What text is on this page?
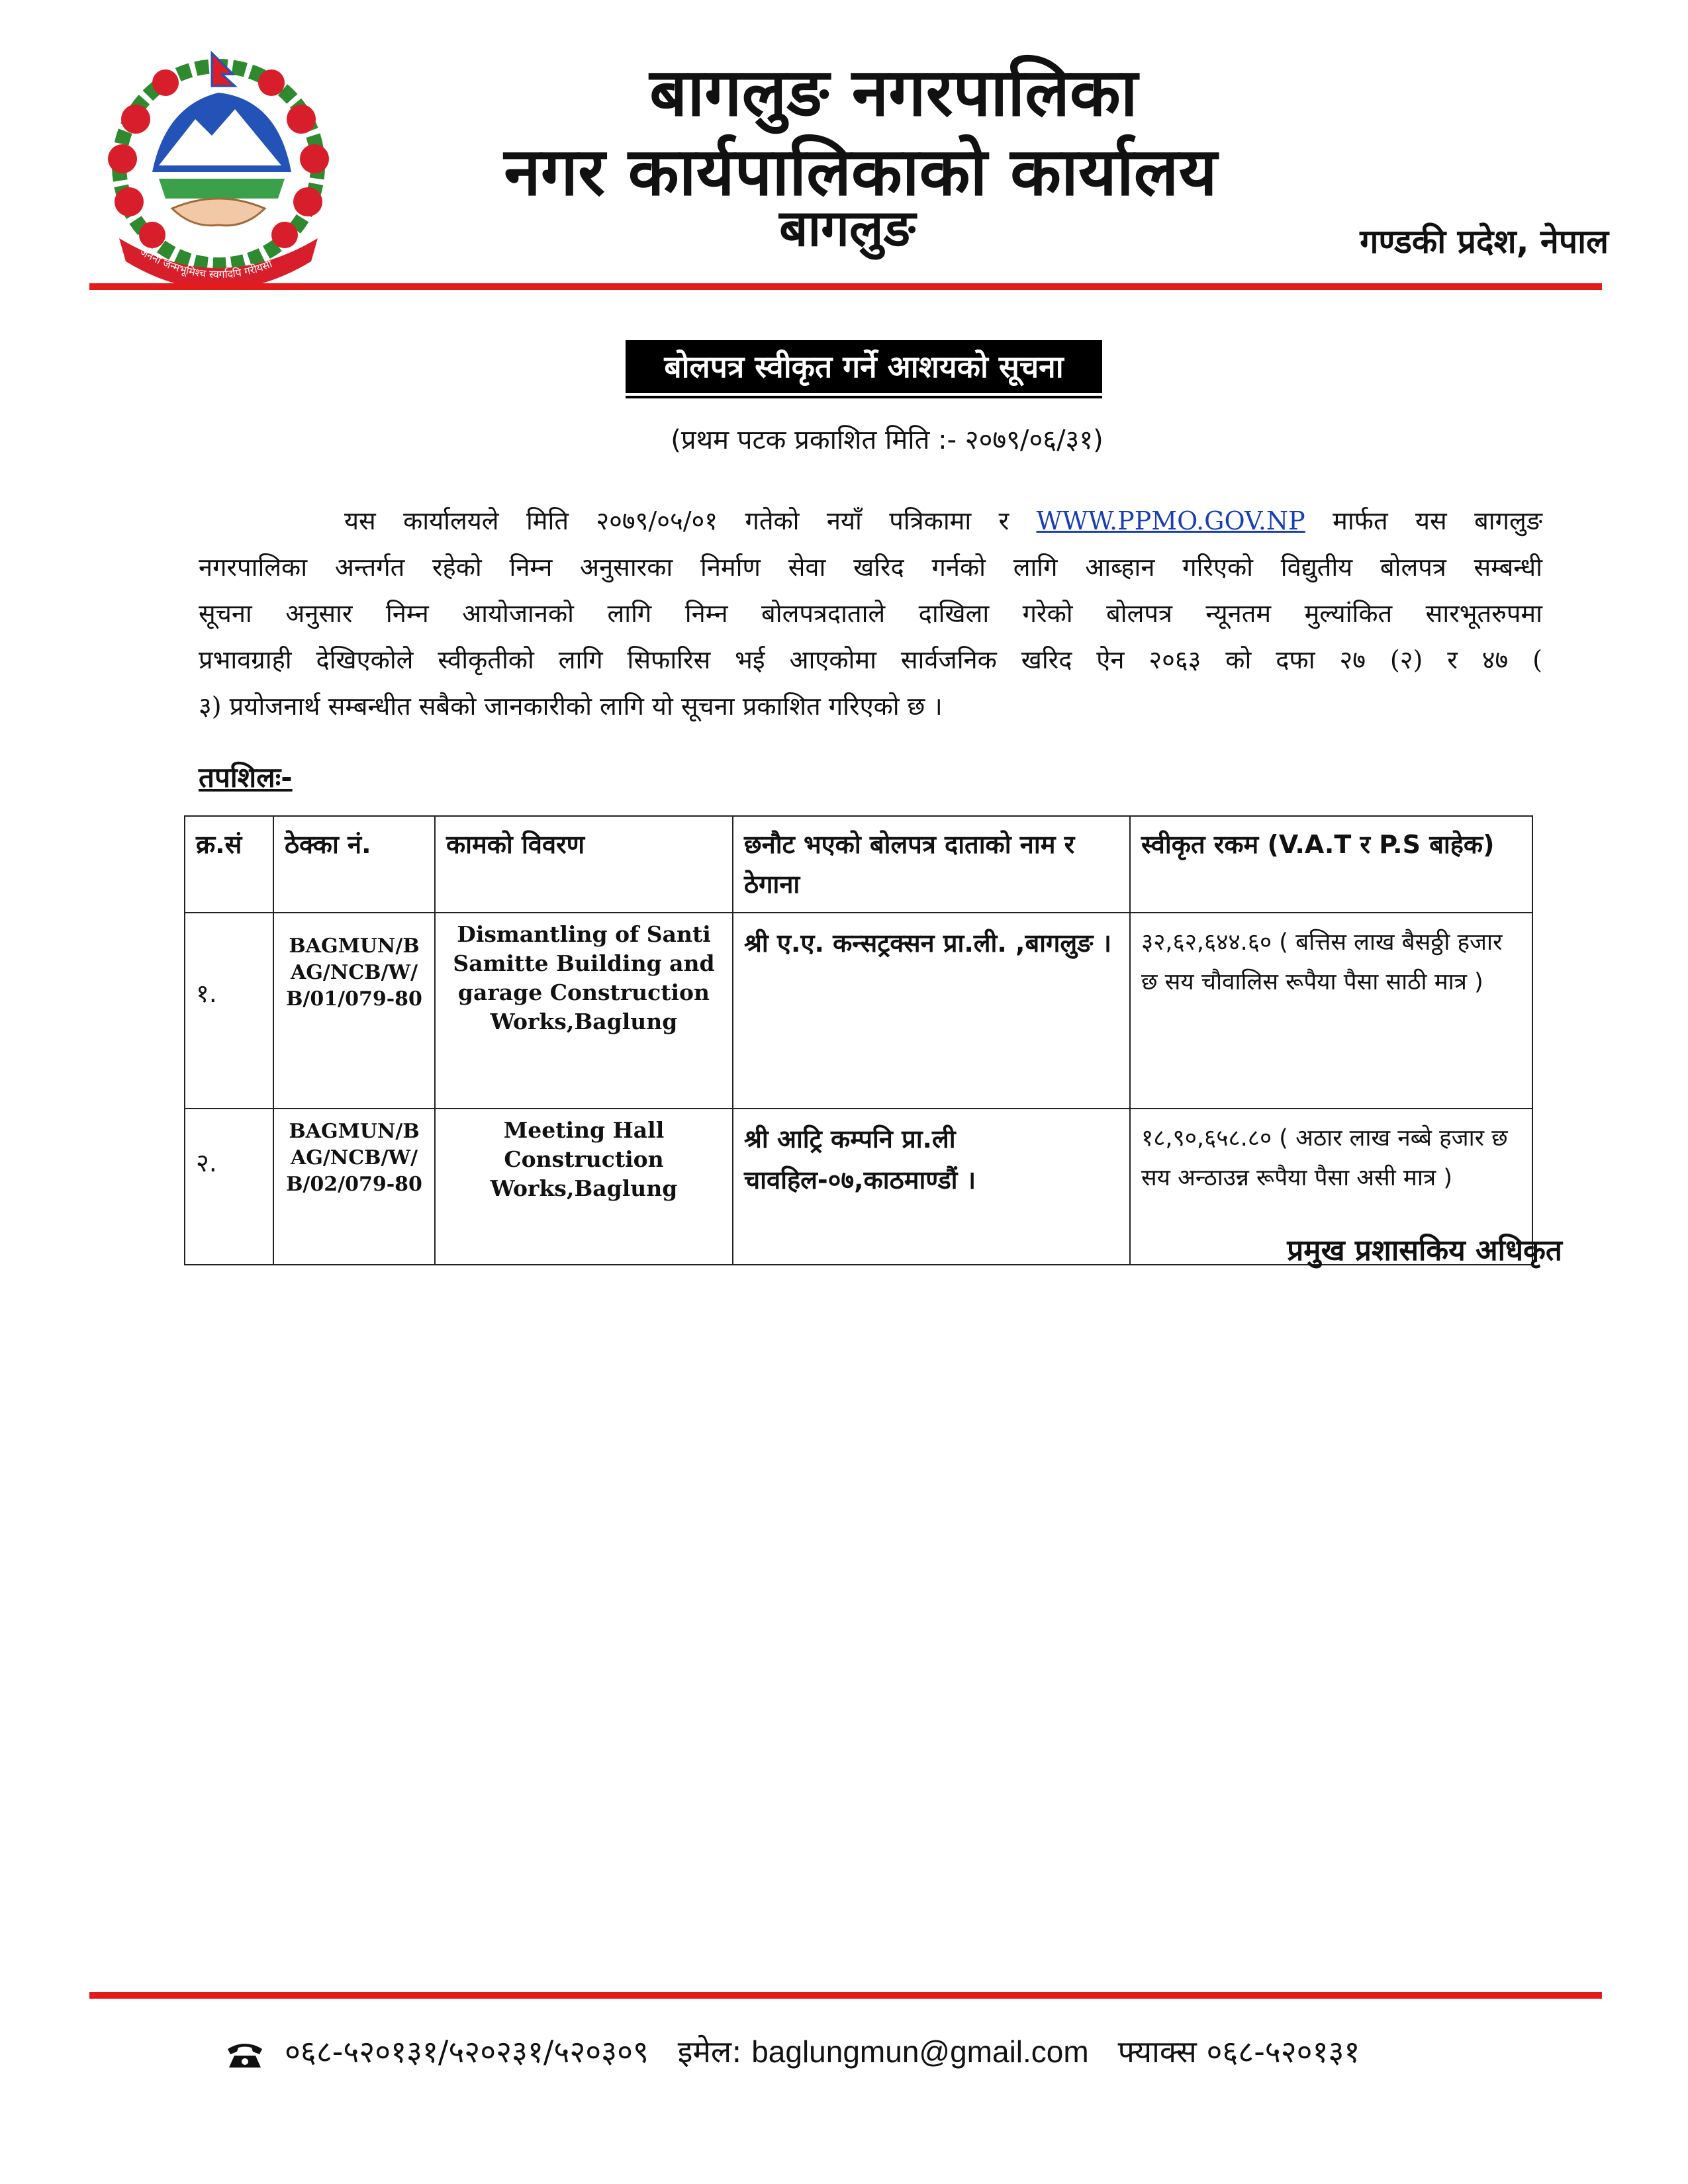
जननी जन्मभूमिश्च स्वर्गादपि गरीयसी
बागलुङ नगरपालिका
नगर कार्यपालिकाको कार्यालय
बागलुङ	गण्डकी प्रदेश, नेपाल
बोलपत्र स्वीकृत गर्ने आशयको सूचना
(प्रथम पटक प्रकाशित मिति :- २०७९/०६/३१)
यस कार्यालयले मिति २०७९/०५/०१ गतेको नयाँ पत्रिकामा र WWW.PPMO.GOV.NP मार्फत यस बागलुङ
नगरपालिका अन्तर्गत रहेको निम्न अनुसारका निर्माण सेवा खरिद गर्नको लागि आब्हान गरिएको विद्युतीय बोलपत्र सम्बन्धी
सूचना अनुसार निम्न आयोजानको लागि निम्न बोलपत्रदाताले दाखिला गरेको बोलपत्र न्यूनतम मुल्यांकित सारभूतरुपमा
प्रभावग्राही देखिएकोले स्वीकृतीको लागि सिफारिस भई आएकोमा सार्वजनिक खरिद ऐन २०६३ को दफा २७ (२) र ४७ (
३) प्रयोजनार्थ सम्बन्धीत सबैको जानकारीको लागि यो सूचना प्रकाशित गरिएको छ ।
तपशिलः-
क्र.सं	ठेक्का नं.	कामको विवरण	छनौट भएको बोलपत्र दाताको नाम र ठेगाना	स्वीकृत रकम (V.A.T र P.S बाहेक)
१.	BAGMUN/BAG/NCB/W/B/01/079-80	Dismantling of Santi Samitte Building and garage Construction Works,Baglung	श्री ए.ए. कन्सट्रक्सन प्रा.ली. ,बागलुङ ।	३२,६२,६४४.६० ( बत्तिस लाख बैसठ्ठी हजार छ सय चौवालिस रूपैया पैसा साठी मात्र )
२.	BAGMUN/BAG/NCB/W/B/02/079-80	Meeting Hall Construction Works,Baglung	श्री आट्रि कम्पनि प्रा.ली चावहिल-०७,काठमाण्डौं ।	१८,९०,६५८.८० ( अठार लाख नब्बे हजार छ सय अन्ठाउन्न रूपैया पैसा असी मात्र )
प्रमुख प्रशासकिय अधिकृत
०६८-५२०१३१/५२०२३१/५२०३०९ इमेल: baglungmun@gmail.com फ्याक्स ०६८-५२०१३१
